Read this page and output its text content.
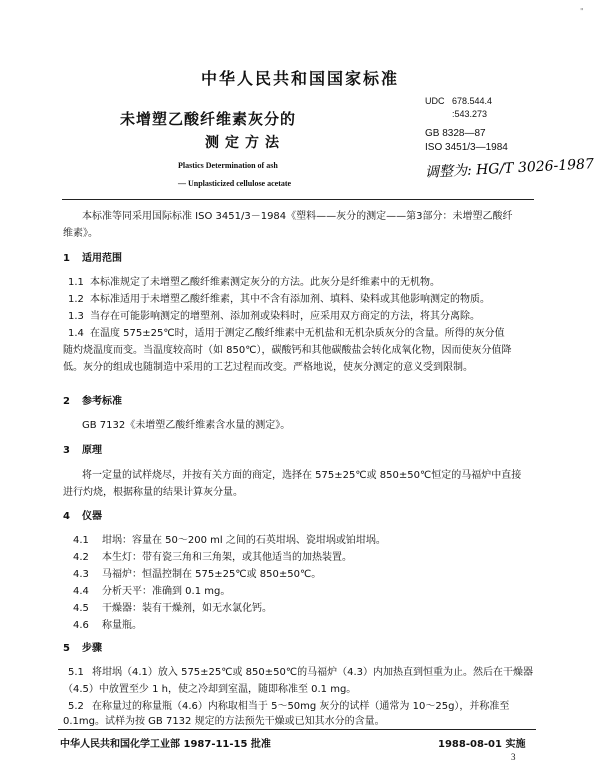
"
中华人民共和国国家标准
未增塑乙酸纤维素灰分的
测定方法
Plastics Determination of ash
— Unplasticized cellulose acetate
UDC 678.544.4
:543.273
GB 8328—87
ISO 3451/3—1984
调整为: HG/T 3026-1987
本标准等同采用国际标准 ISO 3451/3－1984《塑料——灰分的测定——第3部分：未增塑乙酸纤
维素》。
1 适用范围
1.1 本标准规定了未增塑乙酸纤维素测定灰分的方法。此灰分是纤维素中的无机物。
1.2 本标准适用于未增塑乙酸纤维素，其中不含有添加剂、填料、染料或其他影响测定的物质。
1.3 当存在可能影响测定的增塑剂、添加剂或染料时，应采用双方商定的方法，将其分离除。
1.4 在温度 575±25℃时，适用于测定乙酸纤维素中无机盐和无机杂质灰分的含量。所得的灰分值
随灼烧温度而变。当温度较高时（如 850℃），碳酸钙和其他碳酸盐会转化成氧化物，因而使灰分值降
低。灰分的组成也随制造中采用的工艺过程而改变。严格地说，使灰分测定的意义受到限制。
2 参考标准
GB 7132《未增塑乙酸纤维素含水量的测定》。
3 原理
将一定量的试样烧尽，并按有关方面的商定，选择在 575±25℃或 850±50℃恒定的马福炉中直接
进行灼烧，根据称量的结果计算灰分量。
4 仪器
4.1 坩埚：容量在 50～200 ml 之间的石英坩埚、瓷坩埚或铂坩埚。
4.2 本生灯：带有瓷三角和三角架，或其他适当的加热装置。
4.3 马福炉：恒温控制在 575±25℃或 850±50℃。
4.4 分析天平：准确到 0.1 mg。
4.5 干燥器：装有干燥剂，如无水氯化钙。
4.6 称量瓶。
5 步骤
5.1 将坩埚（4.1）放入 575±25℃或 850±50℃的马福炉（4.3）内加热直到恒重为止。然后在干燥器
（4.5）中放置至少 1 h，使之冷却到室温，随即称准至 0.1 mg。
5.2 在称量过的称量瓶（4.6）内称取相当于 5～50mg 灰分的试样（通常为 10～25g），并称准至
0.1mg。试样为按 GB 7132 规定的方法预先干燥或已知其水分的含量。
中华人民共和国化学工业部 1987-11-15 批准	1988-08-01 实施
3
